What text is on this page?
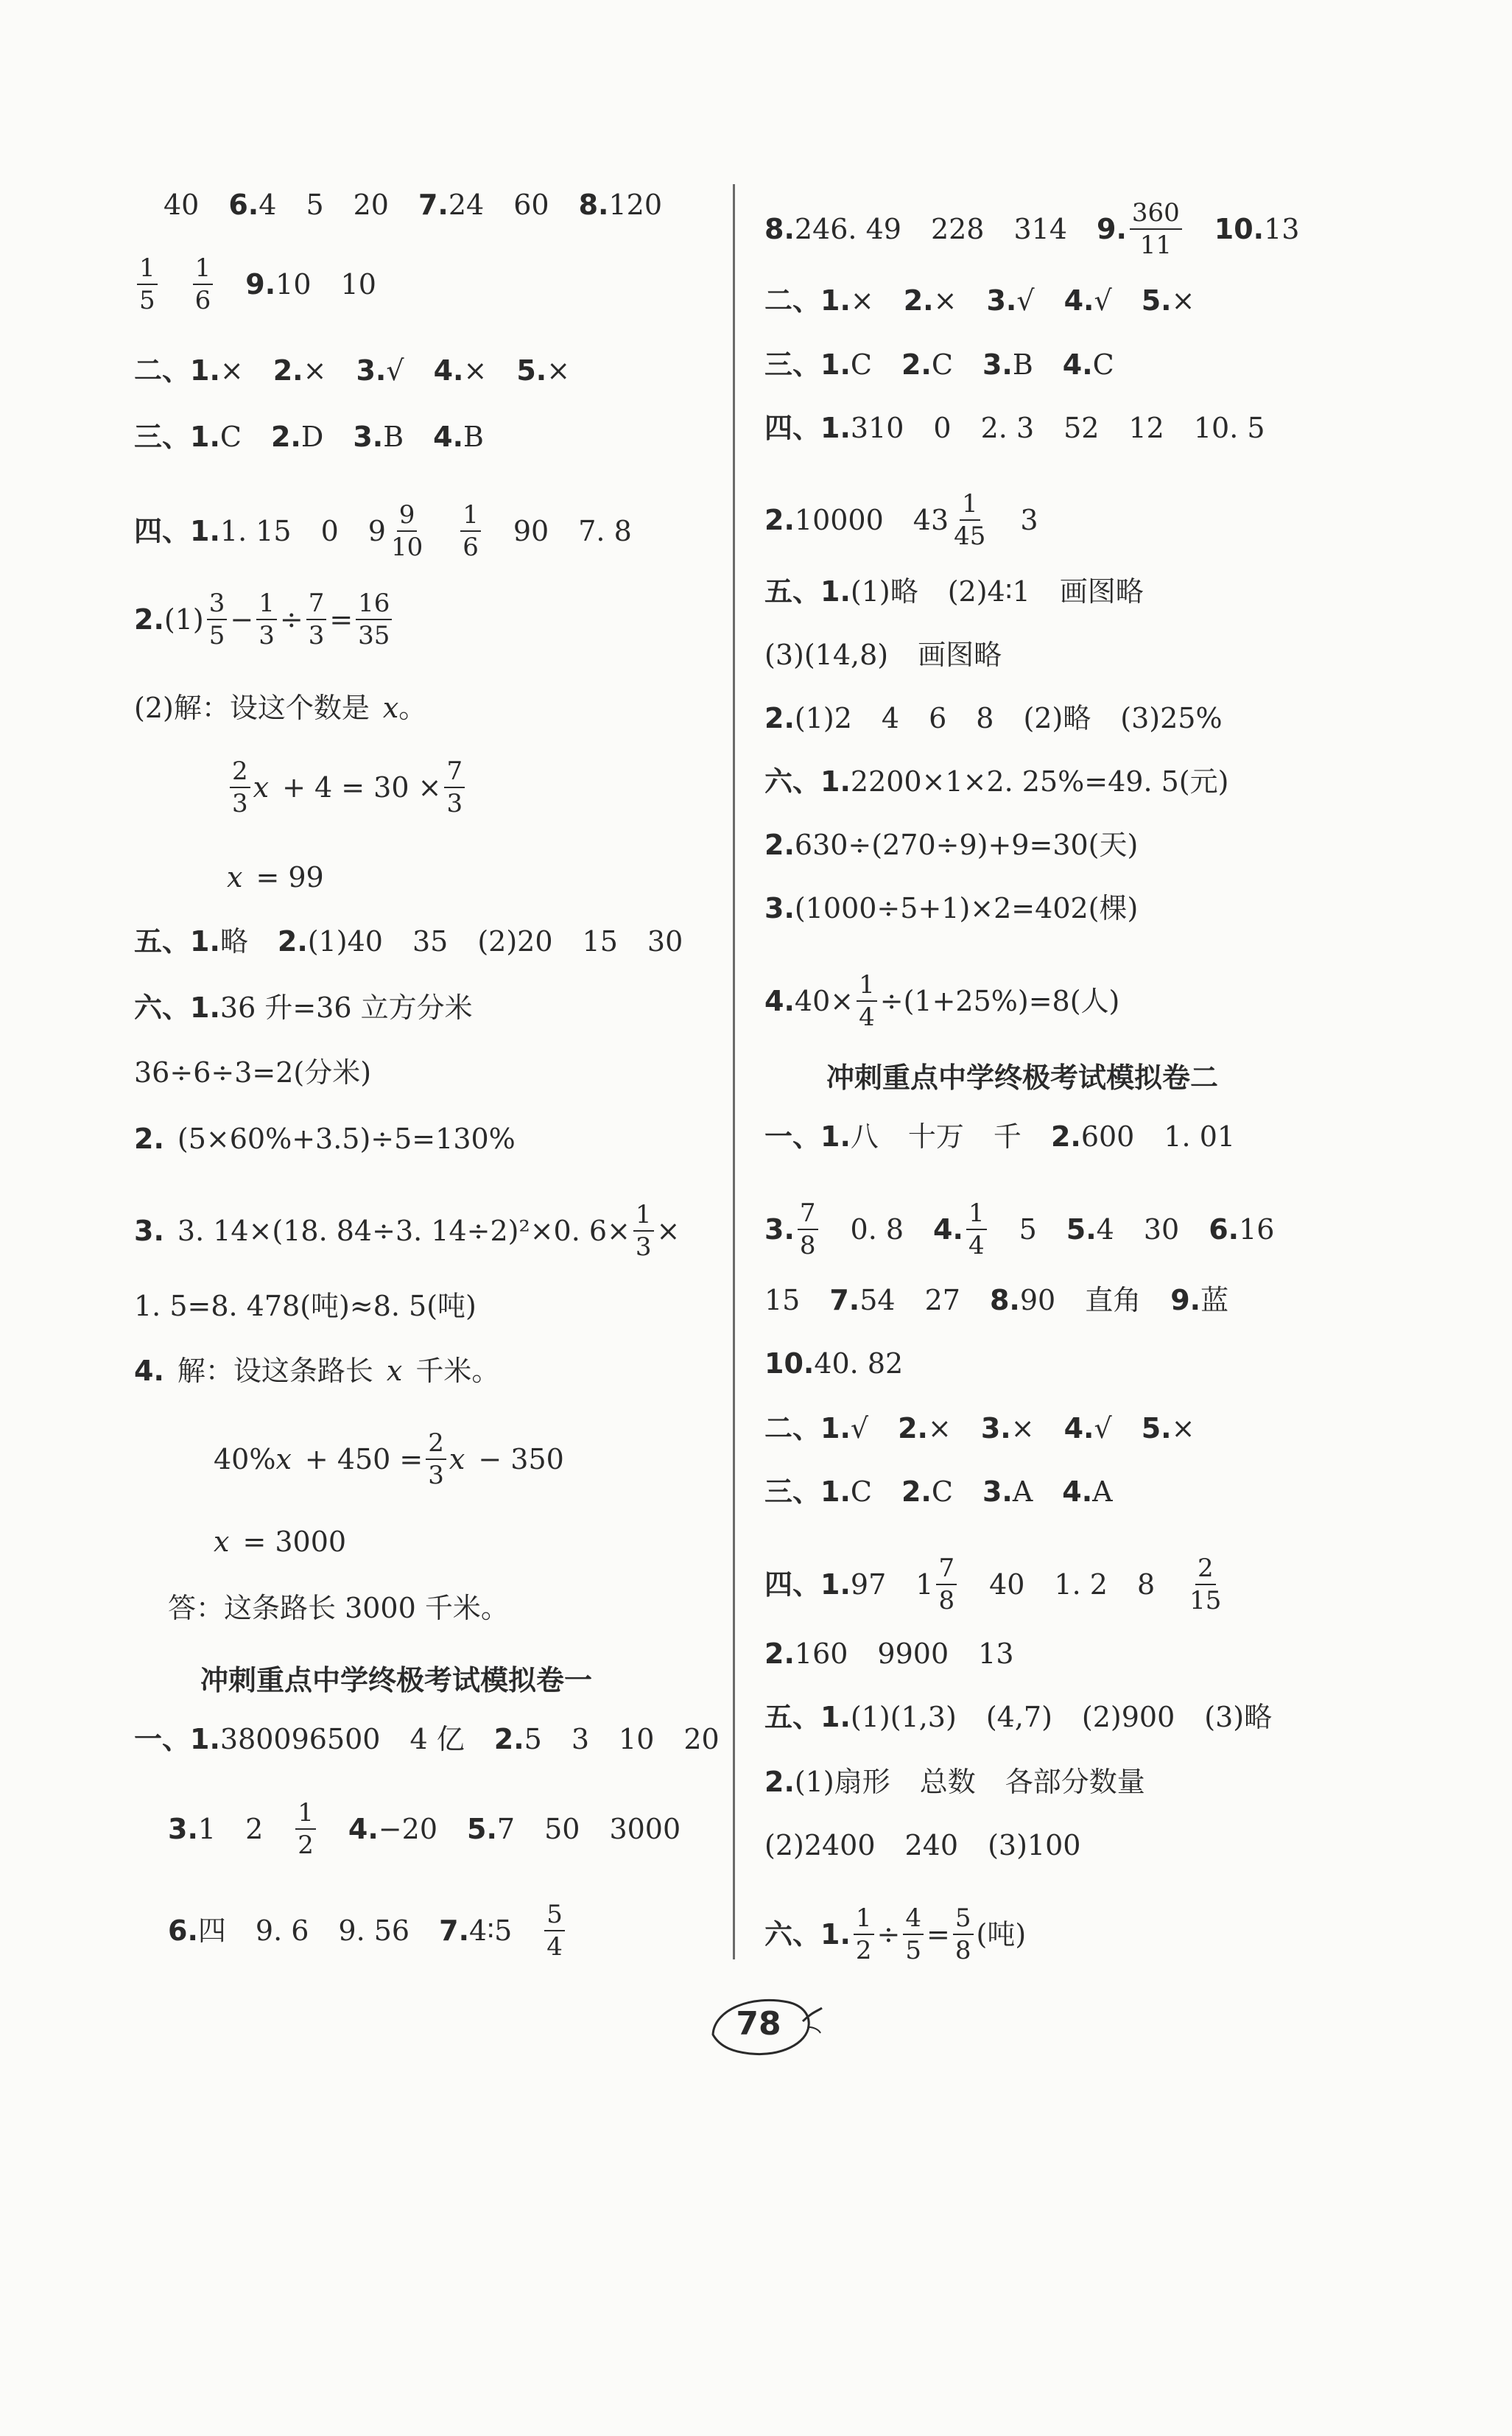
40 6. 4 5 20 7. 24 60 8. 120
$\frac{1}{5} \frac{1}{6} 9$. 10 10
二、1. × 2. × 3. √ 4. × 5. ×
三、1. C 2. D 3. B 4. B
四、1. 1. 15 0 $9 \frac{9}{10} \frac{1}{6} 90$ 7. 8
2. $(1) \frac{3}{5} - \frac{1}{3} \div \frac{7}{3} = \frac{16}{35}$
(2)解：设这个数是 x 。
$\frac{2}{3}$ $x + 4 = 30 \times \frac{7}{3}$
x = 99
五、1. 略 2. (1)40 35 (2)20 15 30
六、1. 36 升=36 立方分米
36÷6÷3=2(分米)
2. (5×60%+3.5)÷5=130%
3. 3. 14×(18. 84÷3. 14÷2)²×0. $6\times \frac{1}{3}$ ×
1. 5=8. 478(吨)≈8. 5(吨)
4. 解：设这条路长 x 千米。
40% $x + 450 = \frac{2}{3}$ x − 350
x = 3000
答：这条路长 3000 千米。
冲刺重点中学终极考试模拟卷一
一、1. 380096500 4 亿 2. 5 3 10 20
3. 1 $2 \frac{1}{2} 4$. −20 5. 7 50 3000
6. 四 9. 6 9. 56 7. 4∶5 $\frac{5}{4}$
8. 246. 49 228 314 9. $\frac{360}{11} 10$. 13
二、1. × 2. × 3. √ 4. √ 5. ×
三、1. C 2. C 3. B 4. C
四、1. 310 0 2. 3 52 12 10. 5
2. 10000 $43 \frac{1}{45} 3$
五、1. (1)略 (2)4∶1 画图略
(3)(14,8) 画图略
2. (1)2 4 6 8 (2)略 (3)25%
六、1. 2200×1×2. 25%=49. 5(元)
2. 630÷(270÷9)+9=30(天)
3. (1000÷5+1)×2=402(棵)
4. $40\times \frac{1}{4} \div(1+25\%)=8$(人)
冲刺重点中学终极考试模拟卷二
一、1. 八 十万 千 2. 600 1. 01
3. $\frac{7}{8} 0$. 8 4. $\frac{1}{4} 5$ 5. 4 30 6. 16
15 7. 54 27 8. 90 直角 9. 蓝
10. 40. 82
二、1. √ 2. × 3. × 4. √ 5. ×
三、1. C 2. C 3. A 4. A
四、1. 97 $1 \frac{7}{8} 40$ 1. 2 $8 \frac{2}{15}$
2. 160 9900 13
五、1. (1)(1,3) (4,7) (2)900 (3)略
2. (1)扇形 总数 各部分数量
(2)2400 240 (3)100
六、1. $\frac{1}{2} \div \frac{4}{5} = \frac{5}{8}$ (吨)
78
